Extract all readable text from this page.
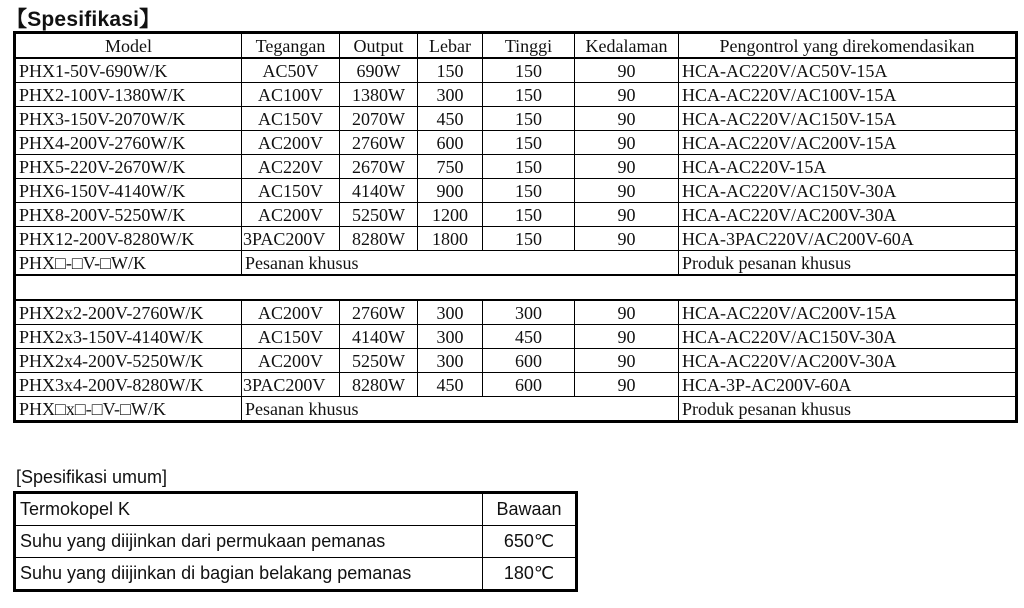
【Spesifikasi】
Model	Tegangan	Output	Lebar	Tinggi	Kedalaman	Pengontrol yang direkomendasikan
PHX1-50V-690W/K	AC50V	690W	150	150	90	HCA-AC220V/AC50V-15A
PHX2-100V-1380W/K	AC100V	1380W	300	150	90	HCA-AC220V/AC100V-15A
PHX3-150V-2070W/K	AC150V	2070W	450	150	90	HCA-AC220V/AC150V-15A
PHX4-200V-2760W/K	AC200V	2760W	600	150	90	HCA-AC220V/AC200V-15A
PHX5-220V-2670W/K	AC220V	2670W	750	150	90	HCA-AC220V-15A
PHX6-150V-4140W/K	AC150V	4140W	900	150	90	HCA-AC220V/AC150V-30A
PHX8-200V-5250W/K	AC200V	5250W	1200	150	90	HCA-AC220V/AC200V-30A
PHX12-200V-8280W/K	3PAC200V	8280W	1800	150	90	HCA-3PAC220V/AC200V-60A
PHX□-□V-□W/K	Pesanan khusus					Produk pesanan khusus

PHX2x2-200V-2760W/K	AC200V	2760W	300	300	90	HCA-AC220V/AC200V-15A
PHX2x3-150V-4140W/K	AC150V	4140W	300	450	90	HCA-AC220V/AC150V-30A
PHX2x4-200V-5250W/K	AC200V	5250W	300	600	90	HCA-AC220V/AC200V-30A
PHX3x4-200V-8280W/K	3PAC200V	8280W	450	600	90	HCA-3P-AC200V-60A
PHX□x□-□V-□W/K	Pesanan khusus					Produk pesanan khusus
[Spesifikasi umum]
Termokopel K	Bawaan
Suhu yang diijinkan dari permukaan pemanas	650℃
Suhu yang diijinkan di bagian belakang pemanas	180℃
